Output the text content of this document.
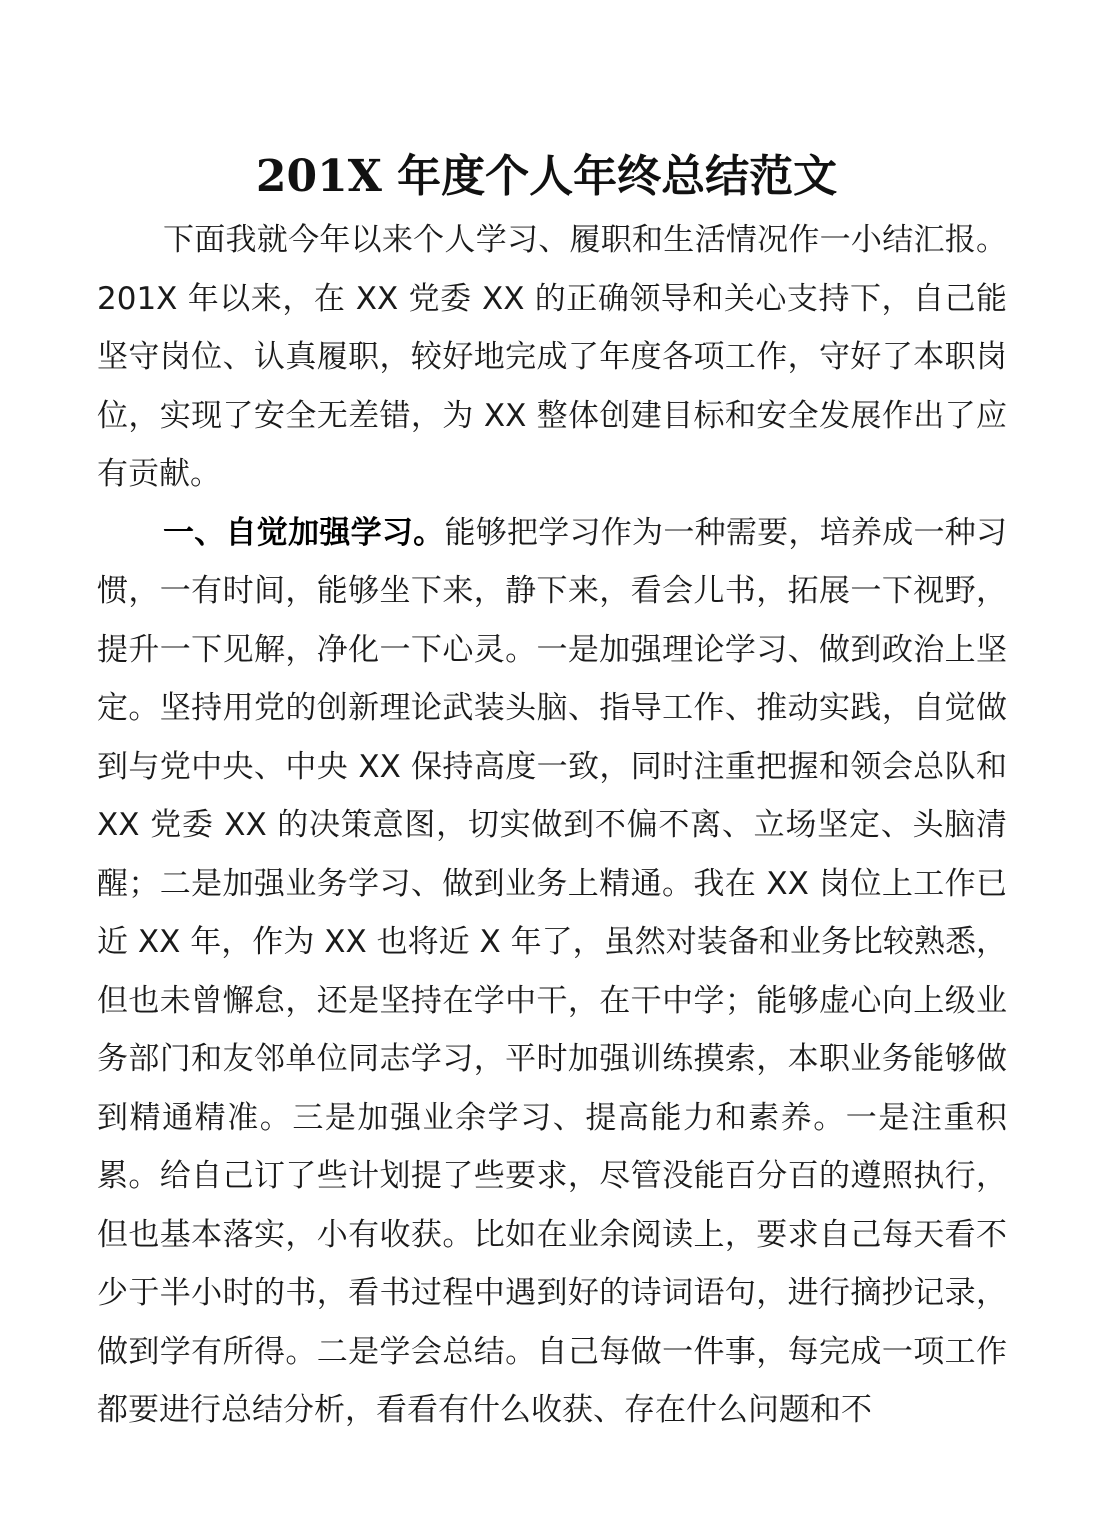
201X 年度个人年终总结范文

下面我就今年以来个人学习、履职和生活情况作一小结汇报。201X 年以来，在 XX 党委 XX 的正确领导和关心支持下，自己能坚守岗位、认真履职，较好地完成了年度各项工作，守好了本职岗位，实现了安全无差错，为 XX 整体创建目标和安全发展作出了应有贡献。

一、自觉加强学习。能够把学习作为一种需要，培养成一种习惯，一有时间，能够坐下来，静下来，看会儿书，拓展一下视野，提升一下见解，净化一下心灵。一是加强理论学习、做到政治上坚定。坚持用党的创新理论武装头脑、指导工作、推动实践，自觉做到与党中央、中央 XX 保持高度一致，同时注重把握和领会总队和 XX 党委 XX 的决策意图，切实做到不偏不离、立场坚定、头脑清醒；二是加强业务学习、做到业务上精通。我在 XX 岗位上工作已近 XX 年，作为 XX 也将近 X 年了，虽然对装备和业务比较熟悉，但也未曾懈怠，还是坚持在学中干，在干中学；能够虚心向上级业务部门和友邻单位同志学习，平时加强训练摸索，本职业务能够做到精通精准。三是加强业余学习、提高能力和素养。一是注重积累。给自己订了些计划提了些要求，尽管没能百分百的遵照执行，但也基本落实，小有收获。比如在业余阅读上，要求自己每天看不少于半小时的书，看书过程中遇到好的诗词语句，进行摘抄记录，做到学有所得。二是学会总结。自己每做一件事，每完成一项工作都要进行总结分析，看看有什么收获、存在什么问题和不
